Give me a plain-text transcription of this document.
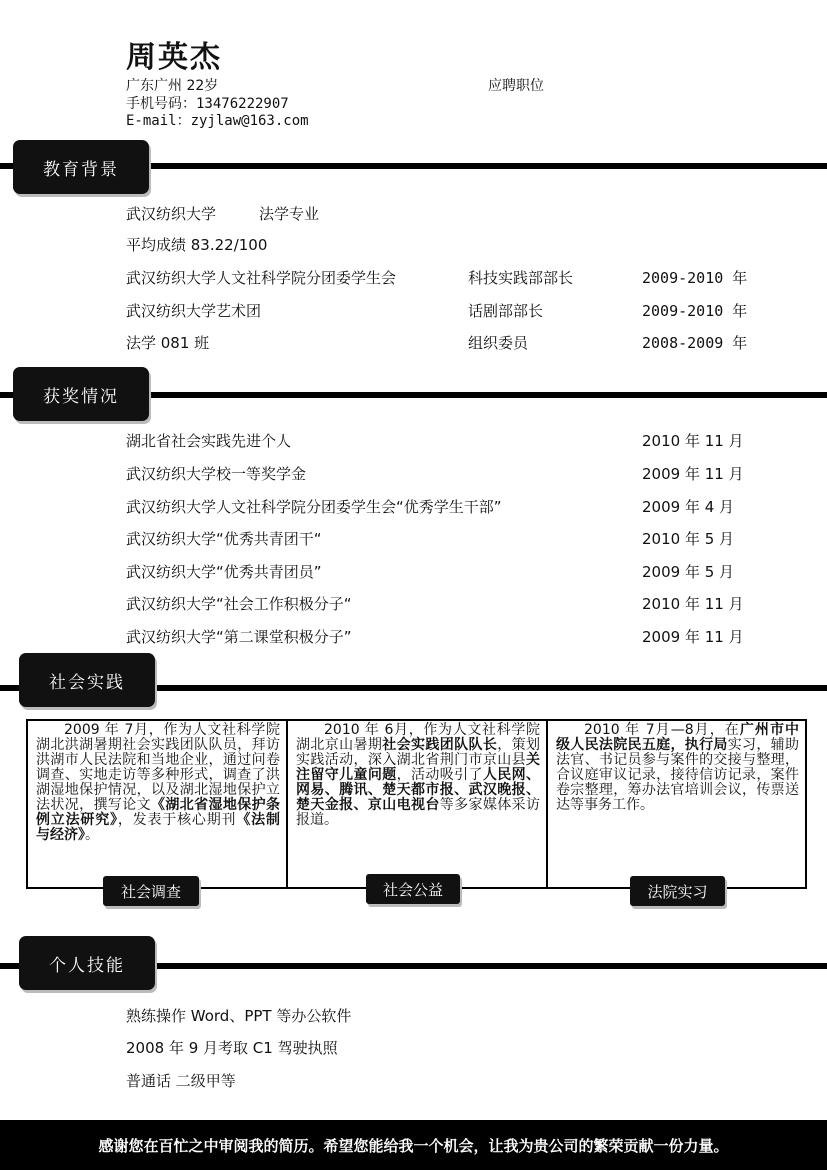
周英杰
广东广州 22岁	应聘职位
手机号码：13476222907
E-mail：zyjlaw@163.com
教育背景
武汉纺织大学	法学专业
平均成绩 83.22/100
武汉纺织大学人文社科学院分团委学生会	科技实践部部长	2009-2010 年
武汉纺织大学艺术团	话剧部部长	2009-2010 年
法学 081 班	组织委员	2008-2009 年
获奖情况
湖北省社会实践先进个人	2010 年 11 月
武汉纺织大学校一等奖学金	2009 年 11 月
武汉纺织大学人文社科学院分团委学生会“优秀学生干部”	2009 年 4 月
武汉纺织大学“优秀共青团干“	2010 年 5 月
武汉纺织大学“优秀共青团员”	2009 年 5 月
武汉纺织大学“社会工作积极分子“	2010 年 11 月
武汉纺织大学“第二课堂积极分子”	2009 年 11 月
社会实践
2009 年 7月，作为人文社科学院湖北洪湖暑期社会实践团队队员，拜访洪湖市人民法院和当地企业，通过问卷调查、实地走访等多种形式，调查了洪湖湿地保护情况，以及湖北湿地保护立法状况，撰写论文《湖北省湿地保护条例立法研究》，发表于核心期刊《法制与经济》。
2010 年 6月，作为人文社科学院湖北京山暑期社会实践团队队长，策划实践活动，深入湖北省荆门市京山县关注留守儿童问题，活动吸引了人民网、网易、腾讯、楚天都市报、武汉晚报、楚天金报、京山电视台等多家媒体采访报道。
2010 年 7月—8月，在广州市中级人民法院民五庭，执行局实习，辅助法官、书记员参与案件的交接与整理，合议庭审议记录，接待信访记录，案件卷宗整理，筹办法官培训会议，传票送达等事务工作。
社会调查	社会公益	法院实习
个人技能
熟练操作 Word、PPT 等办公软件
2008 年 9 月考取 C1 驾驶执照
普通话 二级甲等
感谢您在百忙之中审阅我的简历。希望您能给我一个机会，让我为贵公司的繁荣贡献一份力量。
